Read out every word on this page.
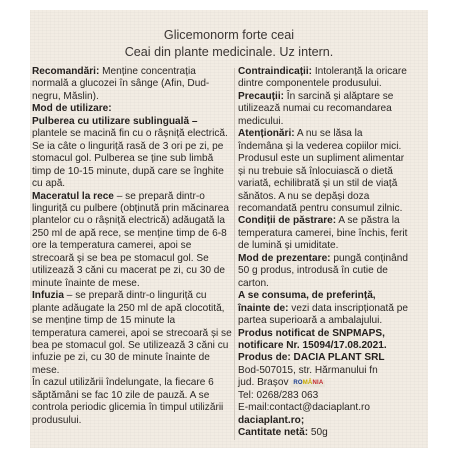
Glicemonorm forte ceai
Ceai din plante medicinale. Uz intern.

Recomandări: Menține concentrația normală a glucozei în sânge (Afin, Dud-negru, Măslin).

Mod de utilizare:

Pulberea cu utilizare sublinguală – plantele se macină fin cu o râșniță electrică. Se ia câte o linguriță rasă de 3 ori pe zi, pe stomacul gol. Pulberea se ține sub limbă timp de 10-15 minute, după care se înghite cu apă.

Maceratul la rece – se prepară dintr-o linguriță cu pulbere (obținută prin măcinarea plantelor cu o râșniță electrică) adăugată la 250 ml de apă rece, se menține timp de 6-8 ore la temperatura camerei, apoi se strecoară și se bea pe stomacul gol. Se utilizează 3 căni cu macerat pe zi, cu 30 de minute înainte de mese.

Infuzia – se prepară dintr-o linguriță cu plante adăugate la 250 ml de apă clocotită, se menține timp de 15 minute la temperatura camerei, apoi se strecoară și se bea pe stomacul gol. Se utilizează 3 căni cu infuzie pe zi, cu 30 de minute înainte de mese.

În cazul utilizării îndelungate, la fiecare 6 săptămâni se fac 10 zile de pauză. A se controla periodic glicemia în timpul utilizării produsului.

Contraindicații: Intoleranță la oricare dintre componentele produsului.

Precauții: În sarcină și alăptare se utilizează numai cu recomandarea medicului.

Atenționări: A nu se lăsa la îndemâna și la vederea copiilor mici. Produsul este un supliment alimentar și nu trebuie să înlocuiască o dietă variată, echilibrată și un stil de viață sănătos. A nu se depăși doza recomandată pentru consumul zilnic.

Condiții de păstrare: A se păstra la temperatura camerei, bine închis, ferit de lumină și umiditate.

Mod de prezentare: pungă conținând 50 g produs, introdusă în cutie de carton.

A se consuma, de preferință, înainte de: vezi data inscripționată pe partea superioară a ambalajului. Produs notificat de SNPMAPS, notificare Nr. 15094/17.08.2021.

Produs de: DACIA PLANT SRL

Bod-507015, str. Hărmanului fn

jud. Brașov ROMÂNIA

Tel: 0268/283 063

E-mail:contact@daciaplant.ro

daciaplant.ro;

Cantitate netă: 50g
